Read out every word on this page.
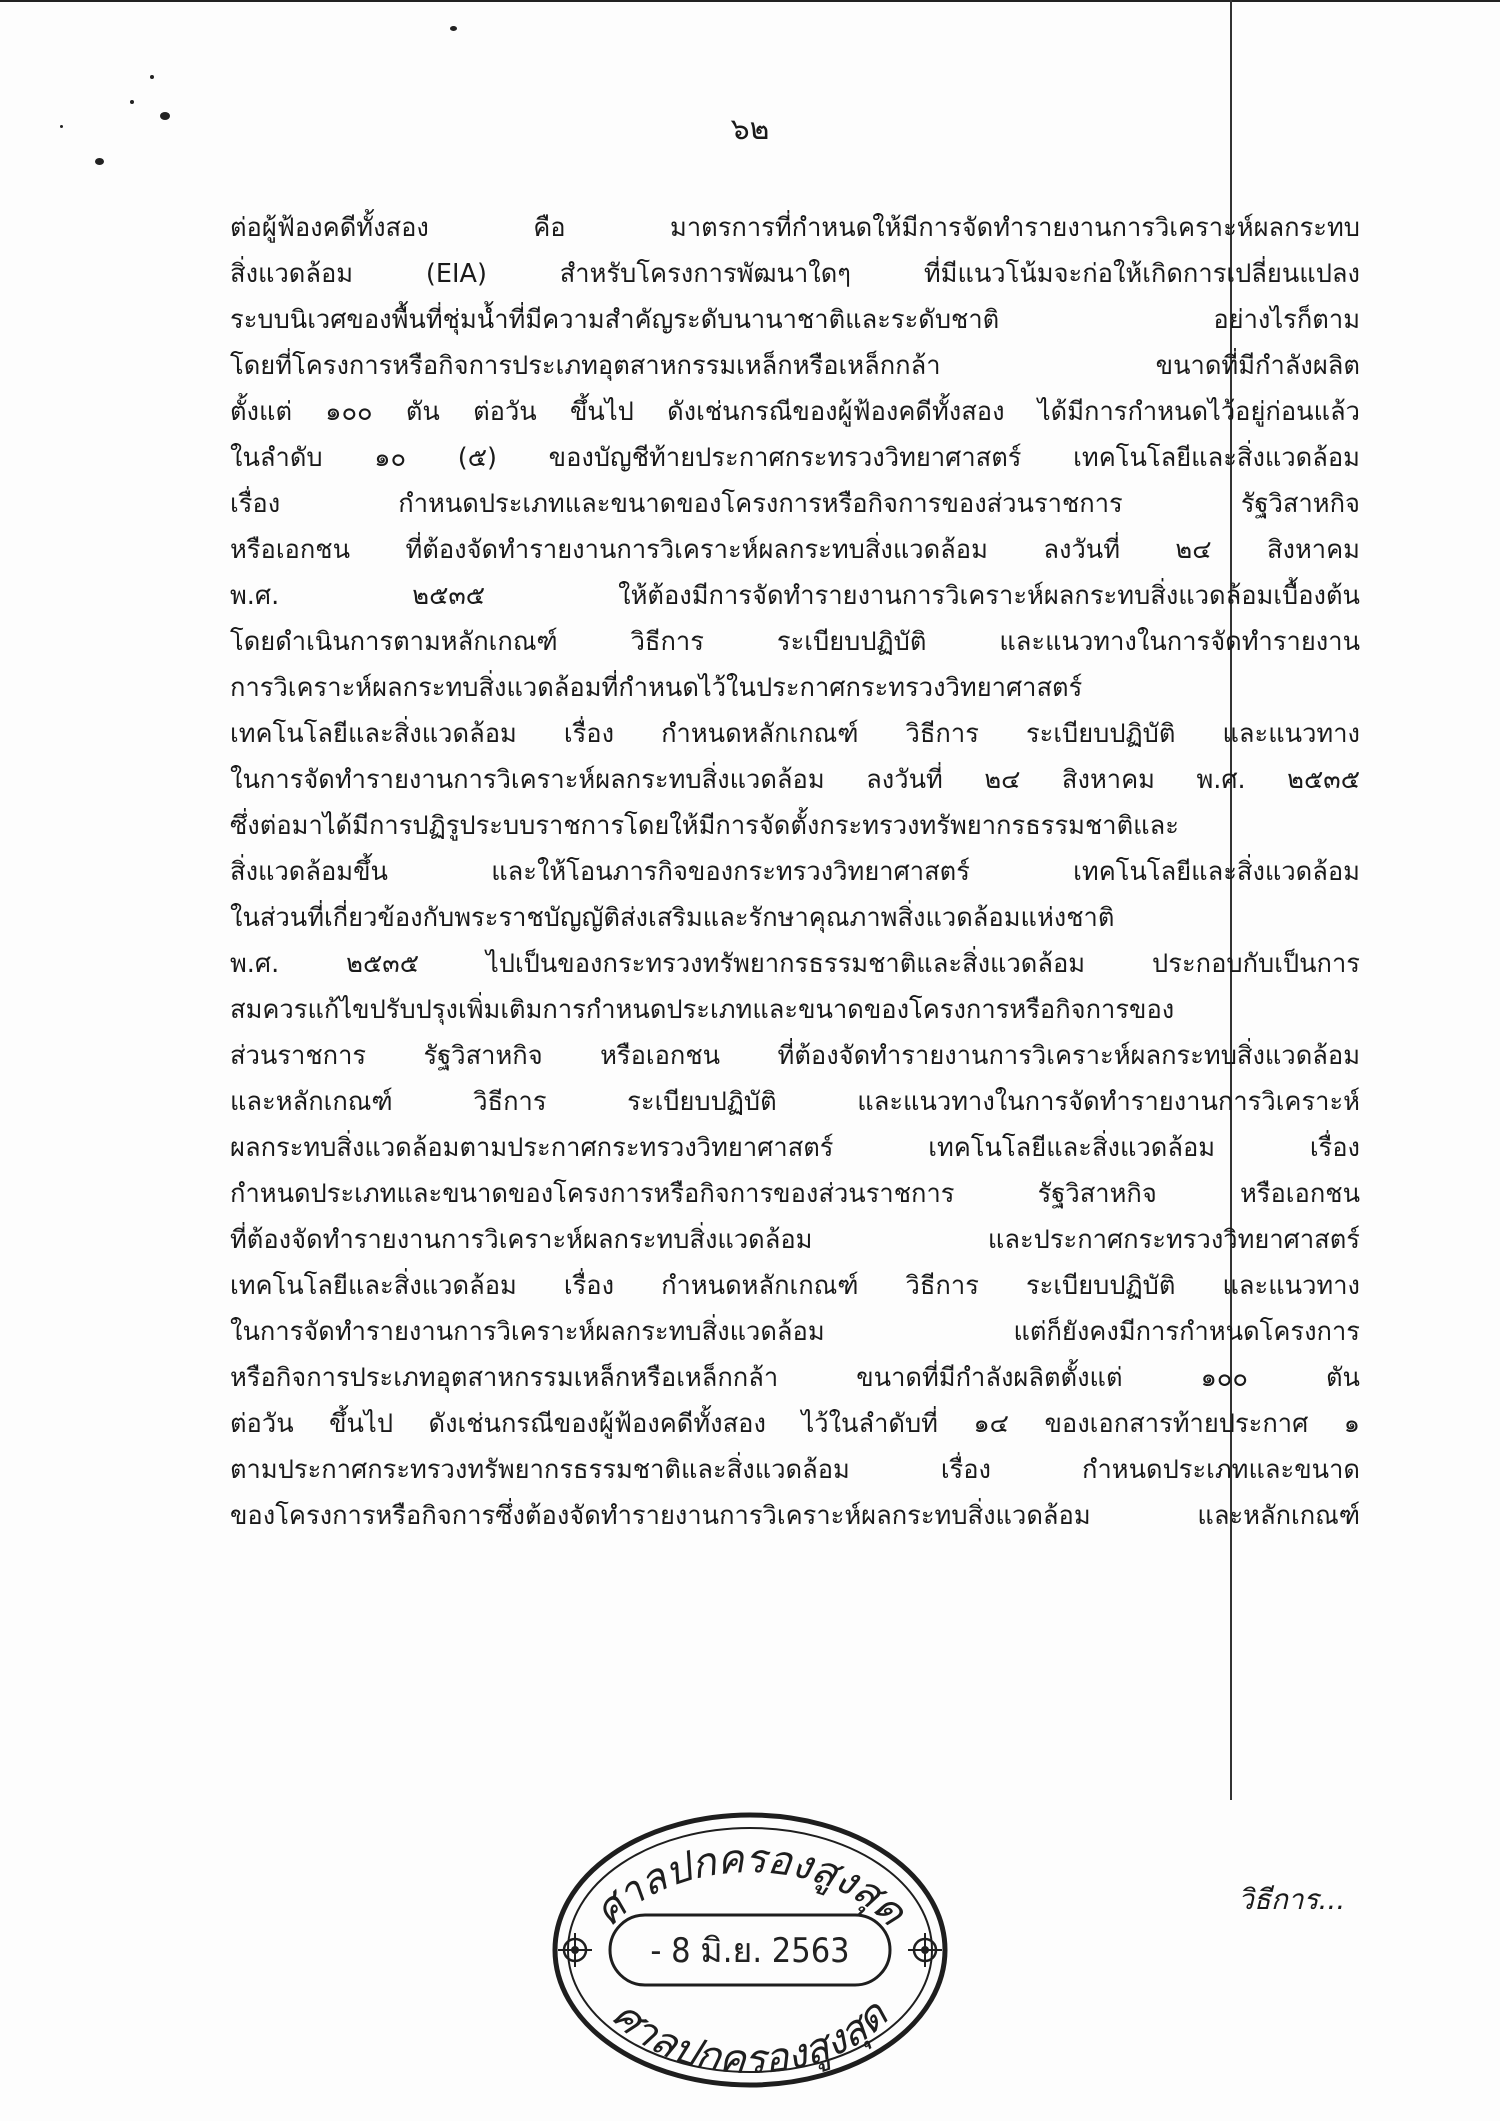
๖๒
ต่อผู้ฟ้องคดีทั้งสอง คือ มาตรการที่กำหนดให้มีการจัดทำรายงานการวิเคราะห์ผลกระทบ
สิ่งแวดล้อม (EIA) สำหรับโครงการพัฒนาใดๆ ที่มีแนวโน้มจะก่อให้เกิดการเปลี่ยนแปลง
ระบบนิเวศของพื้นที่ชุ่มน้ำที่มีความสำคัญระดับนานาชาติและระดับชาติ อย่างไรก็ตาม
โดยที่โครงการหรือกิจการประเภทอุตสาหกรรมเหล็กหรือเหล็กกล้า ขนาดที่มีกำลังผลิต
ตั้งแต่ ๑๐๐ ตัน ต่อวัน ขึ้นไป ดังเช่นกรณีของผู้ฟ้องคดีทั้งสอง ได้มีการกำหนดไว้อยู่ก่อนแล้ว
ในลำดับ ๑๐ (๕) ของบัญชีท้ายประกาศกระทรวงวิทยาศาสตร์ เทคโนโลยีและสิ่งแวดล้อม
เรื่อง กำหนดประเภทและขนาดของโครงการหรือกิจการของส่วนราชการ รัฐวิสาหกิจ
หรือเอกชน ที่ต้องจัดทำรายงานการวิเคราะห์ผลกระทบสิ่งแวดล้อม ลงวันที่ ๒๔ สิงหาคม
พ.ศ. ๒๕๓๕ ให้ต้องมีการจัดทำรายงานการวิเคราะห์ผลกระทบสิ่งแวดล้อมเบื้องต้น
โดยดำเนินการตามหลักเกณฑ์ วิธีการ ระเบียบปฏิบัติ และแนวทางในการจัดทำรายงาน
การวิเคราะห์ผลกระทบสิ่งแวดล้อมที่กำหนดไว้ในประกาศกระทรวงวิทยาศาสตร์
เทคโนโลยีและสิ่งแวดล้อม เรื่อง กำหนดหลักเกณฑ์ วิธีการ ระเบียบปฏิบัติ และแนวทาง
ในการจัดทำรายงานการวิเคราะห์ผลกระทบสิ่งแวดล้อม ลงวันที่ ๒๔ สิงหาคม พ.ศ. ๒๕๓๕
ซึ่งต่อมาได้มีการปฏิรูประบบราชการโดยให้มีการจัดตั้งกระทรวงทรัพยากรธรรมชาติและ
สิ่งแวดล้อมขึ้น และให้โอนภารกิจของกระทรวงวิทยาศาสตร์ เทคโนโลยีและสิ่งแวดล้อม
ในส่วนที่เกี่ยวข้องกับพระราชบัญญัติส่งเสริมและรักษาคุณภาพสิ่งแวดล้อมแห่งชาติ
พ.ศ. ๒๕๓๕ ไปเป็นของกระทรวงทรัพยากรธรรมชาติและสิ่งแวดล้อม ประกอบกับเป็นการ
สมควรแก้ไขปรับปรุงเพิ่มเติมการกำหนดประเภทและขนาดของโครงการหรือกิจการของ
ส่วนราชการ รัฐวิสาหกิจ หรือเอกชน ที่ต้องจัดทำรายงานการวิเคราะห์ผลกระทบสิ่งแวดล้อม
และหลักเกณฑ์ วิธีการ ระเบียบปฏิบัติ และแนวทางในการจัดทำรายงานการวิเคราะห์
ผลกระทบสิ่งแวดล้อมตามประกาศกระทรวงวิทยาศาสตร์ เทคโนโลยีและสิ่งแวดล้อม เรื่อง
กำหนดประเภทและขนาดของโครงการหรือกิจการของส่วนราชการ รัฐวิสาหกิจ หรือเอกชน
ที่ต้องจัดทำรายงานการวิเคราะห์ผลกระทบสิ่งแวดล้อม และประกาศกระทรวงวิทยาศาสตร์
เทคโนโลยีและสิ่งแวดล้อม เรื่อง กำหนดหลักเกณฑ์ วิธีการ ระเบียบปฏิบัติ และแนวทาง
ในการจัดทำรายงานการวิเคราะห์ผลกระทบสิ่งแวดล้อม แต่ก็ยังคงมีการกำหนดโครงการ
หรือกิจการประเภทอุตสาหกรรมเหล็กหรือเหล็กกล้า ขนาดที่มีกำลังผลิตตั้งแต่ ๑๐๐ ตัน
ต่อวัน ขึ้นไป ดังเช่นกรณีของผู้ฟ้องคดีทั้งสอง ไว้ในลำดับที่ ๑๔ ของเอกสารท้ายประกาศ ๑
ตามประกาศกระทรวงทรัพยากรธรรมชาติและสิ่งแวดล้อม เรื่อง กำหนดประเภทและขนาด
ของโครงการหรือกิจการซึ่งต้องจัดทำรายงานการวิเคราะห์ผลกระทบสิ่งแวดล้อม และหลักเกณฑ์
วิธีการ...
ศาลปกครองสูงสุด
ศาลปกครองสูงสุด
- 8 มิ.ย. 2563
